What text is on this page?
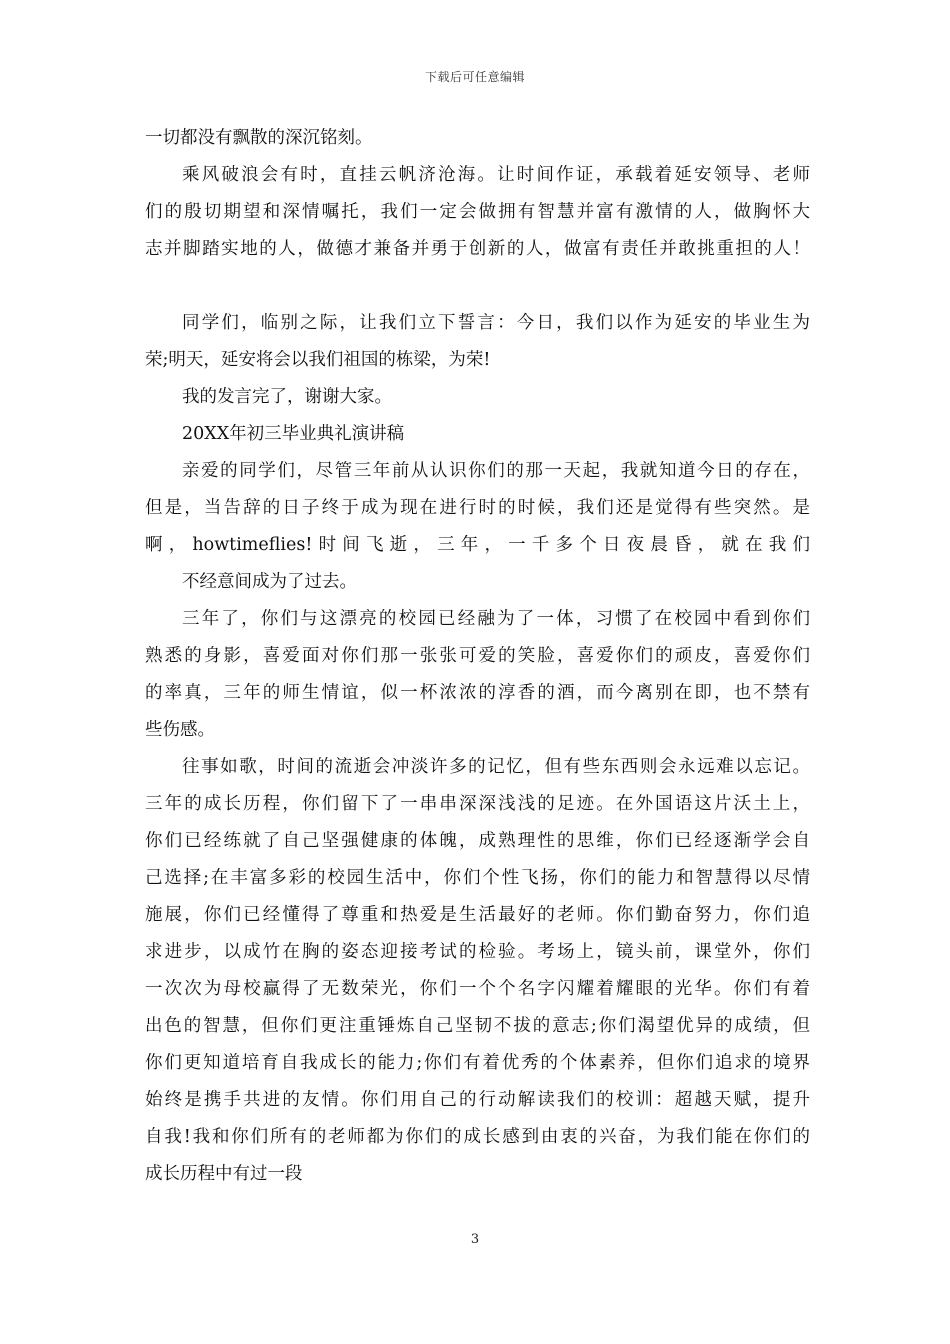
下载后可任意编辑
一切都没有飘散的深沉铭刻。
乘风破浪会有时，直挂云帆济沧海。让时间作证，承载着延安领导、老师
们的殷切期望和深情嘱托，我们一定会做拥有智慧并富有激情的人，做胸怀大
志并脚踏实地的人，做德才兼备并勇于创新的人，做富有责任并敢挑重担的人！
同学们，临别之际，让我们立下誓言：今日，我们以作为延安的毕业生为
荣;明天，延安将会以我们祖国的栋梁，为荣!
我的发言完了，谢谢大家。
20XX年初三毕业典礼演讲稿
亲爱的同学们，尽管三年前从认识你们的那一天起，我就知道今日的存在，
但是，当告辞的日子终于成为现在进行时的时候，我们还是觉得有些突然。是
啊，howtimeflies!时间飞逝，三年，一千多个日夜晨昏，就在我们
不经意间成为了过去。
三年了，你们与这漂亮的校园已经融为了一体，习惯了在校园中看到你们
熟悉的身影，喜爱面对你们那一张张可爱的笑脸，喜爱你们的顽皮，喜爱你们
的率真，三年的师生情谊，似一杯浓浓的淳香的酒，而今离别在即，也不禁有
些伤感。
往事如歌，时间的流逝会冲淡许多的记忆，但有些东西则会永远难以忘记。
三年的成长历程，你们留下了一串串深深浅浅的足迹。在外国语这片沃土上，
你们已经练就了自己坚强健康的体魄，成熟理性的思维，你们已经逐渐学会自
己选择;在丰富多彩的校园生活中，你们个性飞扬，你们的能力和智慧得以尽情
施展，你们已经懂得了尊重和热爱是生活最好的老师。你们勤奋努力，你们追
求进步，以成竹在胸的姿态迎接考试的检验。考场上，镜头前，课堂外，你们
一次次为母校赢得了无数荣光，你们一个个名字闪耀着耀眼的光华。你们有着
出色的智慧，但你们更注重锤炼自己坚韧不拔的意志;你们渴望优异的成绩，但
你们更知道培育自我成长的能力;你们有着优秀的个体素养，但你们追求的境界
始终是携手共进的友情。你们用自己的行动解读我们的校训：超越天赋，提升
自我!我和你们所有的老师都为你们的成长感到由衷的兴奋，为我们能在你们的
成长历程中有过一段
3
